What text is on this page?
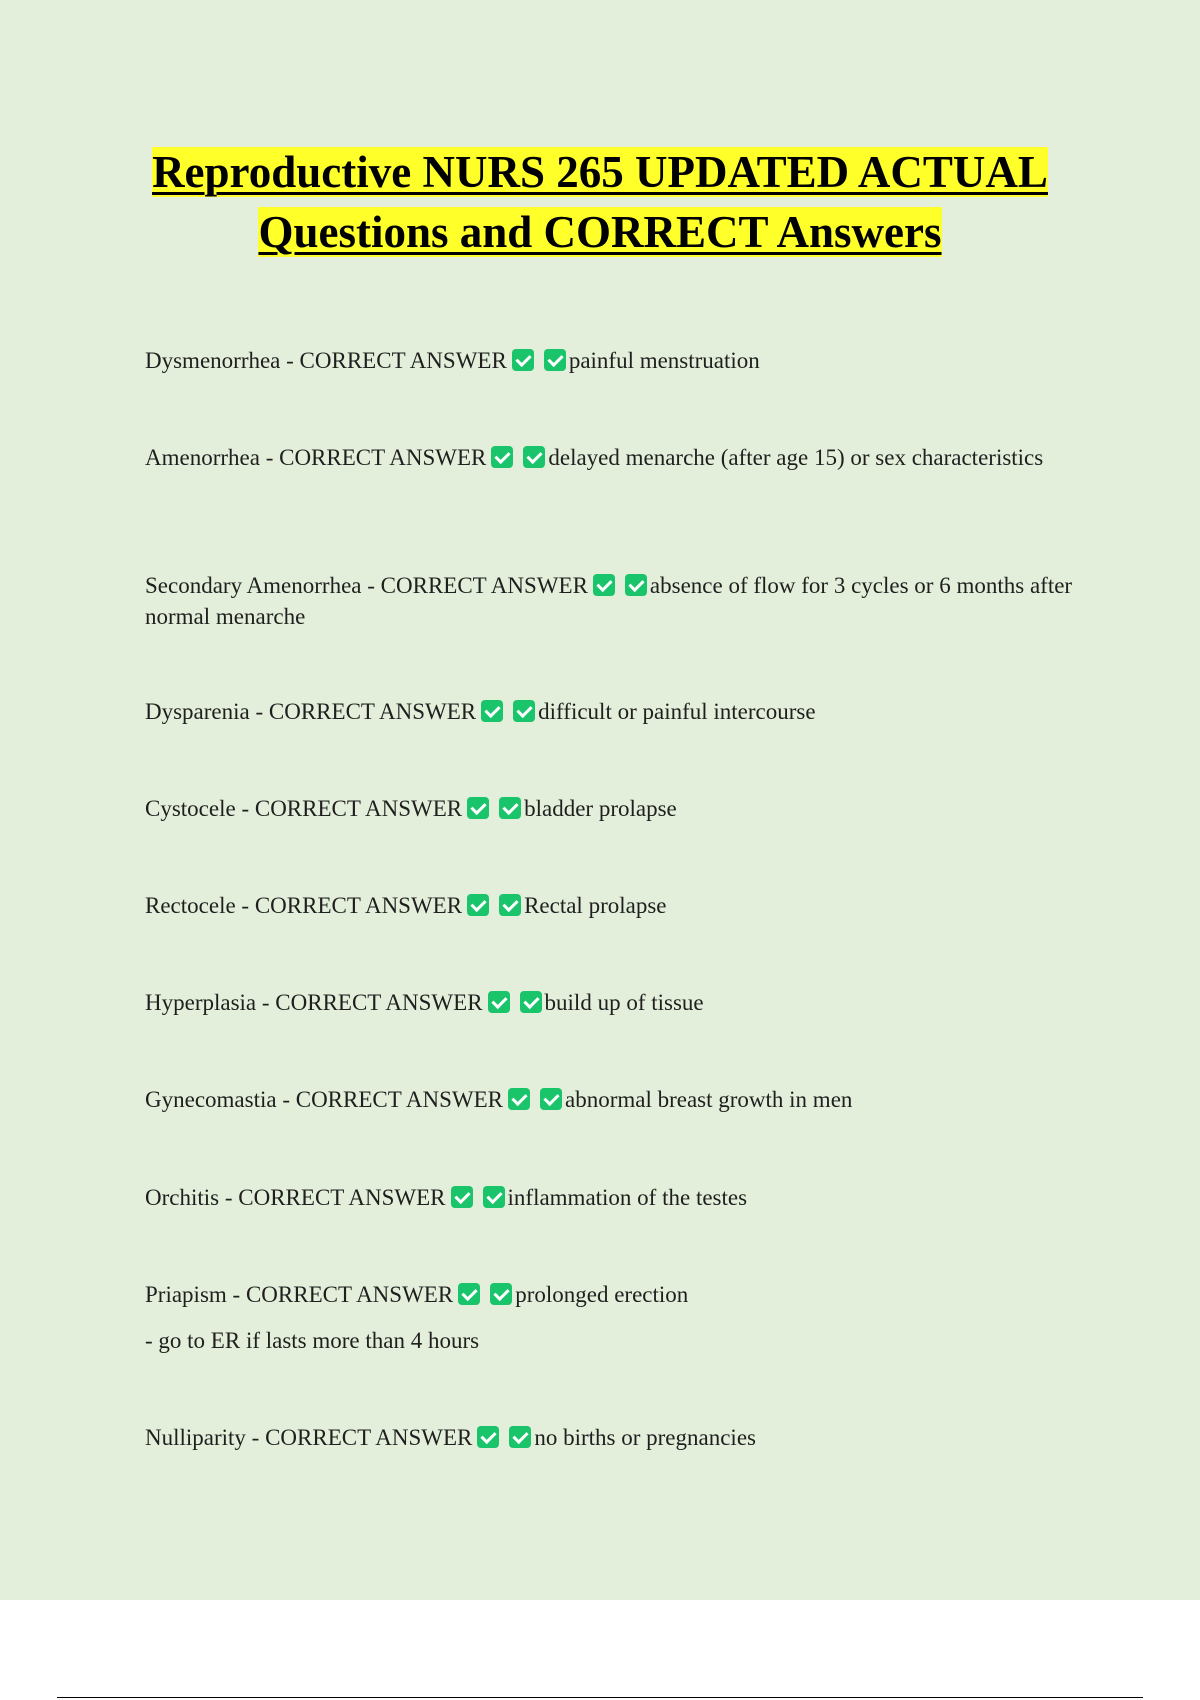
Reproductive NURS 265 UPDATED ACTUAL Questions and CORRECT Answers

Dysmenorrhea - CORRECT ANSWER	painful menstruation

Amenorrhea - CORRECT ANSWER	delayed menarche (after age 15) or sex characteristics

Secondary Amenorrhea - CORRECT ANSWER	absence of flow for 3 cycles or 6 months after normal menarche

Dysparenia - CORRECT ANSWER	difficult or painful intercourse

Cystocele - CORRECT ANSWER	bladder prolapse

Rectocele - CORRECT ANSWER	Rectal prolapse

Hyperplasia - CORRECT ANSWER	build up of tissue

Gynecomastia - CORRECT ANSWER	abnormal breast growth in men

Orchitis - CORRECT ANSWER	inflammation of the testes

Priapism - CORRECT ANSWER	prolonged erection
- go to ER if lasts more than 4 hours

Nulliparity - CORRECT ANSWER	no births or pregnancies
